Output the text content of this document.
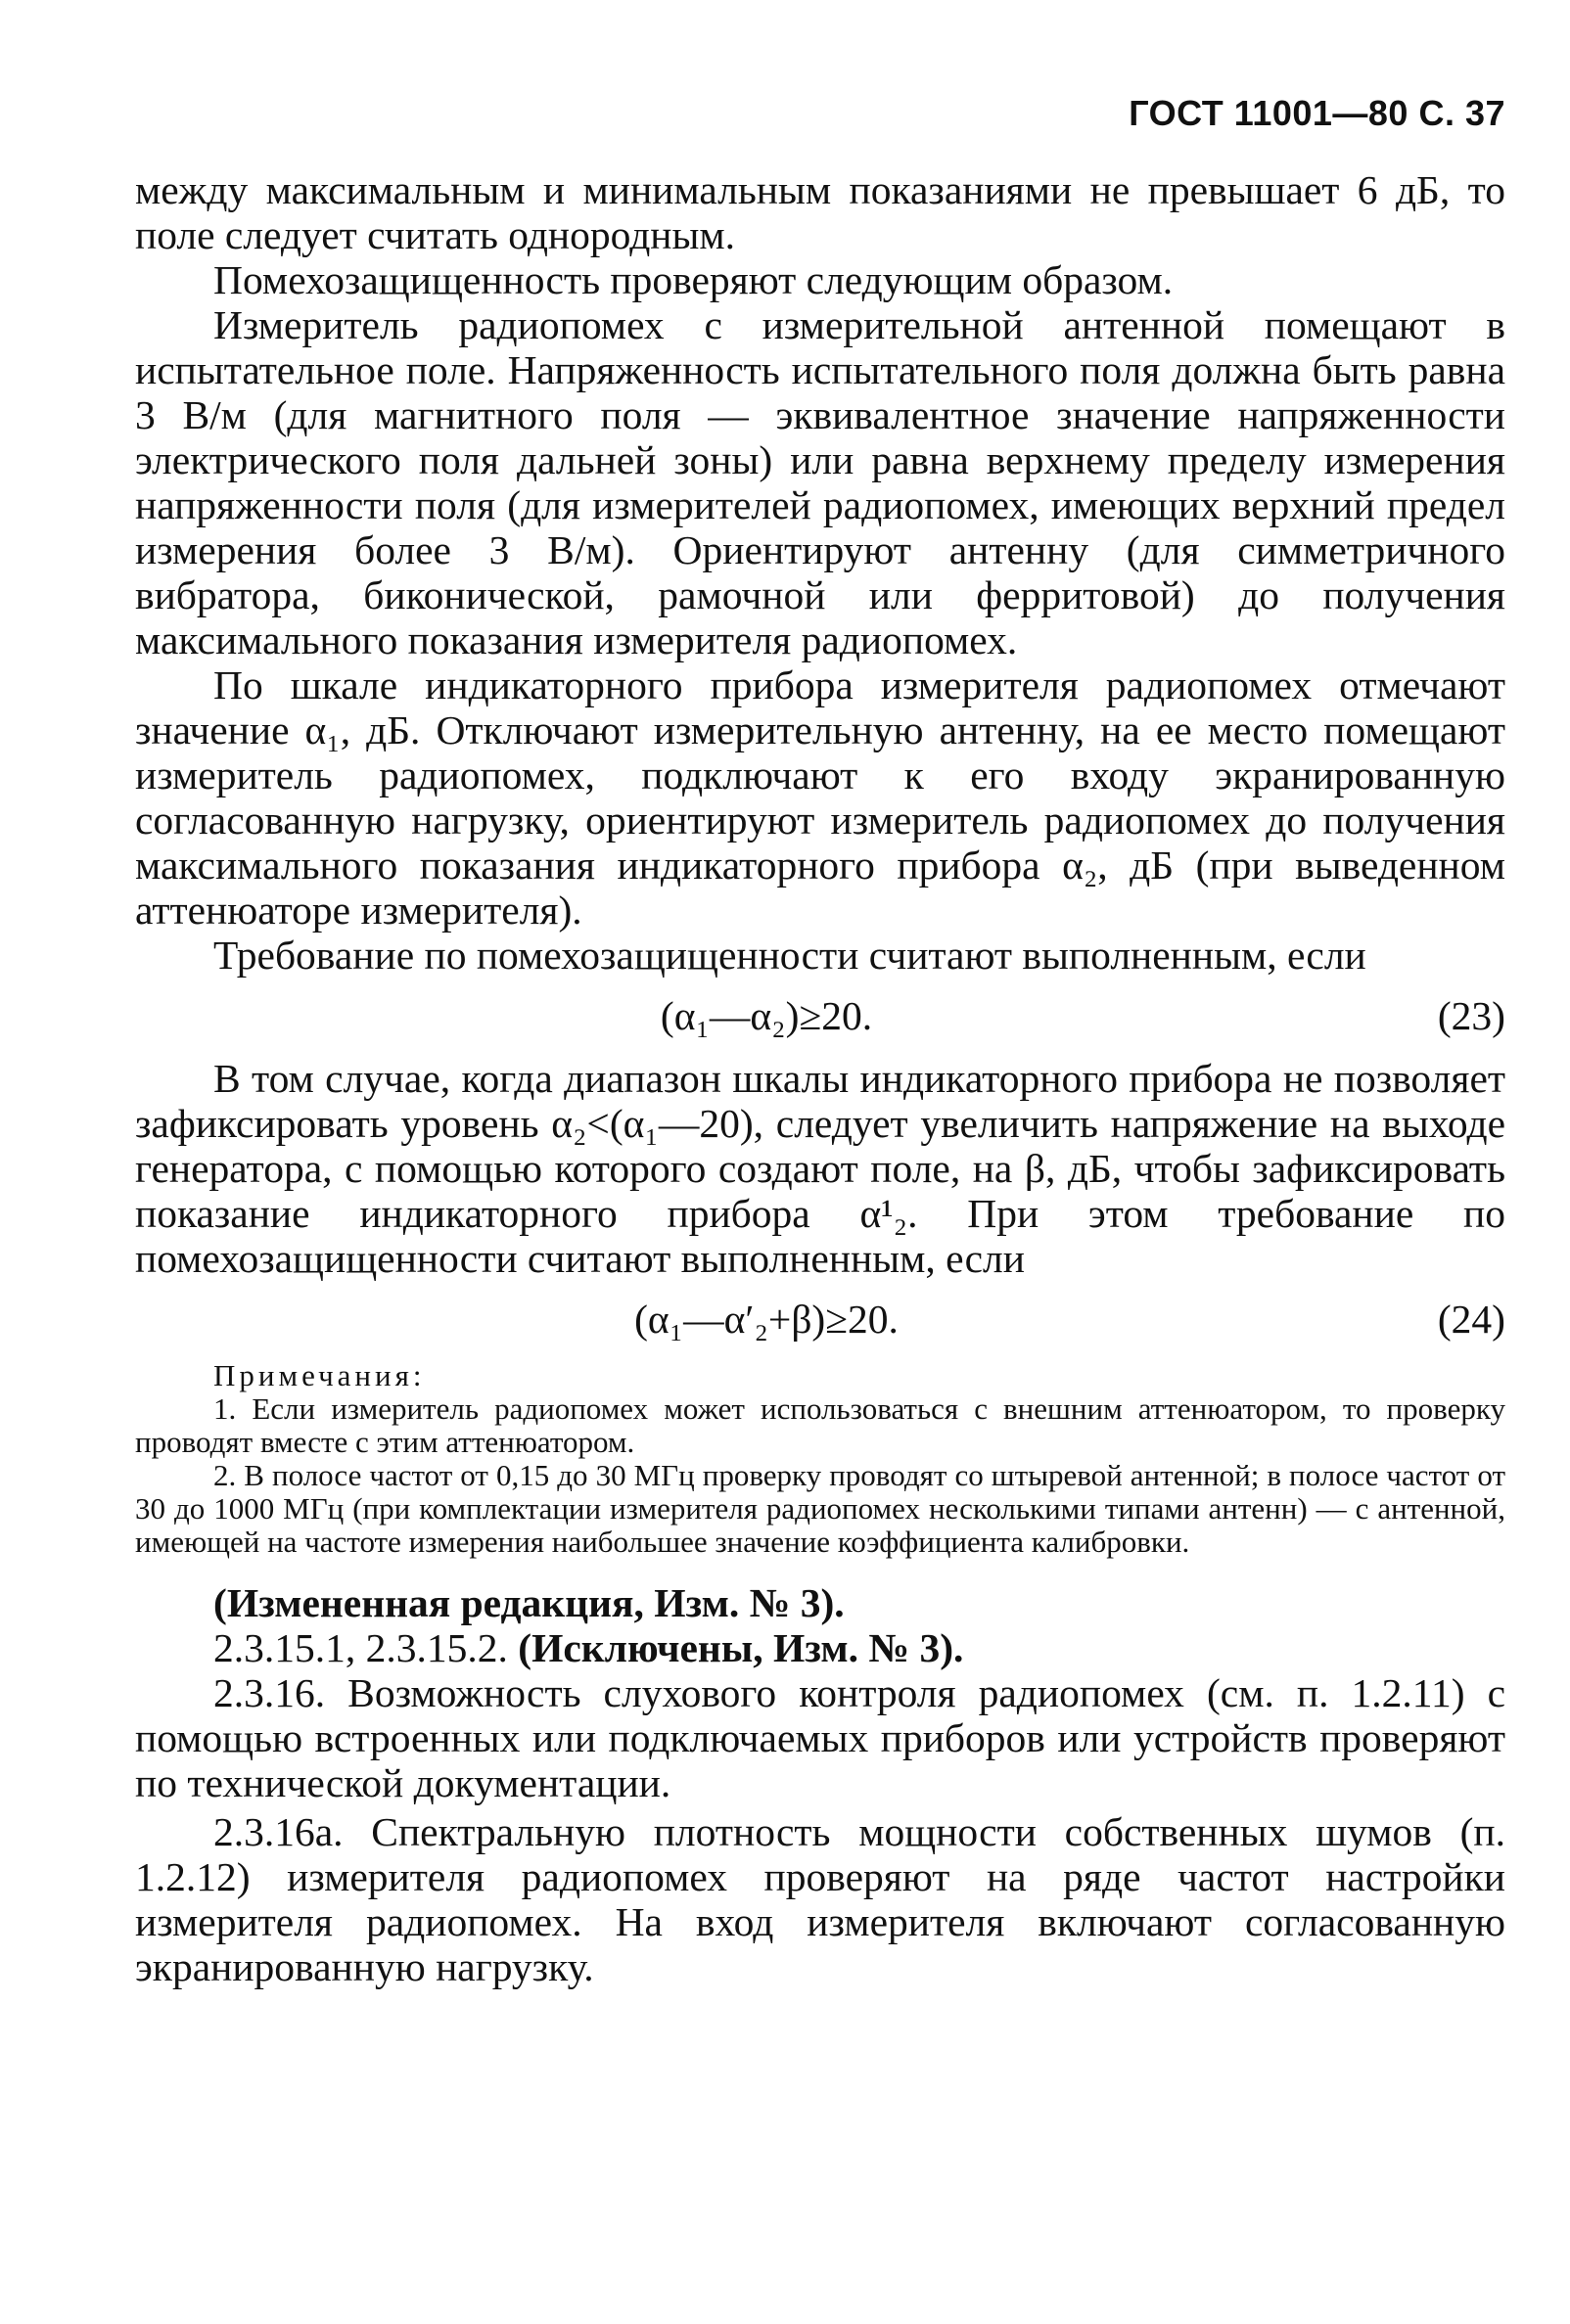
ГОСТ 11001—80 С. 37

между максимальным и минимальным показаниями не превышает 6 дБ, то поле следует считать однородным.

Помехозащищенность проверяют следующим образом.

Измеритель радиопомех с измерительной антенной помещают в испытательное поле. Напряженность испытательного поля должна быть равна 3 В/м (для магнитного поля — эквивалентное значение напряженности электрического поля дальней зоны) или равна верхнему пределу измерения напряженности поля (для измерителей радиопомех, имеющих верхний предел измерения более 3 В/м). Ориентируют антенну (для симметричного вибратора, биконической, рамочной или ферритовой) до получения максимального показания измерителя радиопомех.

По шкале индикаторного прибора измерителя радиопомех отмечают значение α₁, дБ. Отключают измерительную антенну, на ее место помещают измеритель радиопомех, подключают к его входу экранированную согласованную нагрузку, ориентируют измеритель радиопомех до получения максимального показания индикаторного прибора α₂, дБ (при выведенном аттенюаторе измерителя).

Требование по помехозащищенности считают выполненным, если

(α₁—α₂)≥20.	(23)

В том случае, когда диапазон шкалы индикаторного прибора не позволяет зафиксировать уровень α₂<(α₁—20), следует увеличить напряжение на выходе генератора, с помощью которого создают поле, на β, дБ, чтобы зафиксировать показание индикаторного прибора α¹₂. При этом требование по помехозащищенности считают выполненным, если

(α₁—α′₂+β)≥20.	(24)

Примечания:

1. Если измеритель радиопомех может использоваться с внешним аттенюатором, то проверку проводят вместе с этим аттенюатором.

2. В полосе частот от 0,15 до 30 МГц проверку проводят со штыревой антенной; в полосе частот от 30 до 1000 МГц (при комплектации измерителя радиопомех несколькими типами антенн) — с антенной, имеющей на частоте измерения наибольшее значение коэффициента калибровки.

(Измененная редакция, Изм. № 3).

2.3.15.1, 2.3.15.2. (Исключены, Изм. № 3).

2.3.16. Возможность слухового контроля радиопомех (см. п. 1.2.11) с помощью встроенных или подключаемых приборов или устройств проверяют по технической документации.

2.3.16а. Спектральную плотность мощности собственных шумов (п. 1.2.12) измерителя радиопомех проверяют на ряде частот настройки измерителя радиопомех. На вход измерителя включают согласованную экранированную нагрузку.
